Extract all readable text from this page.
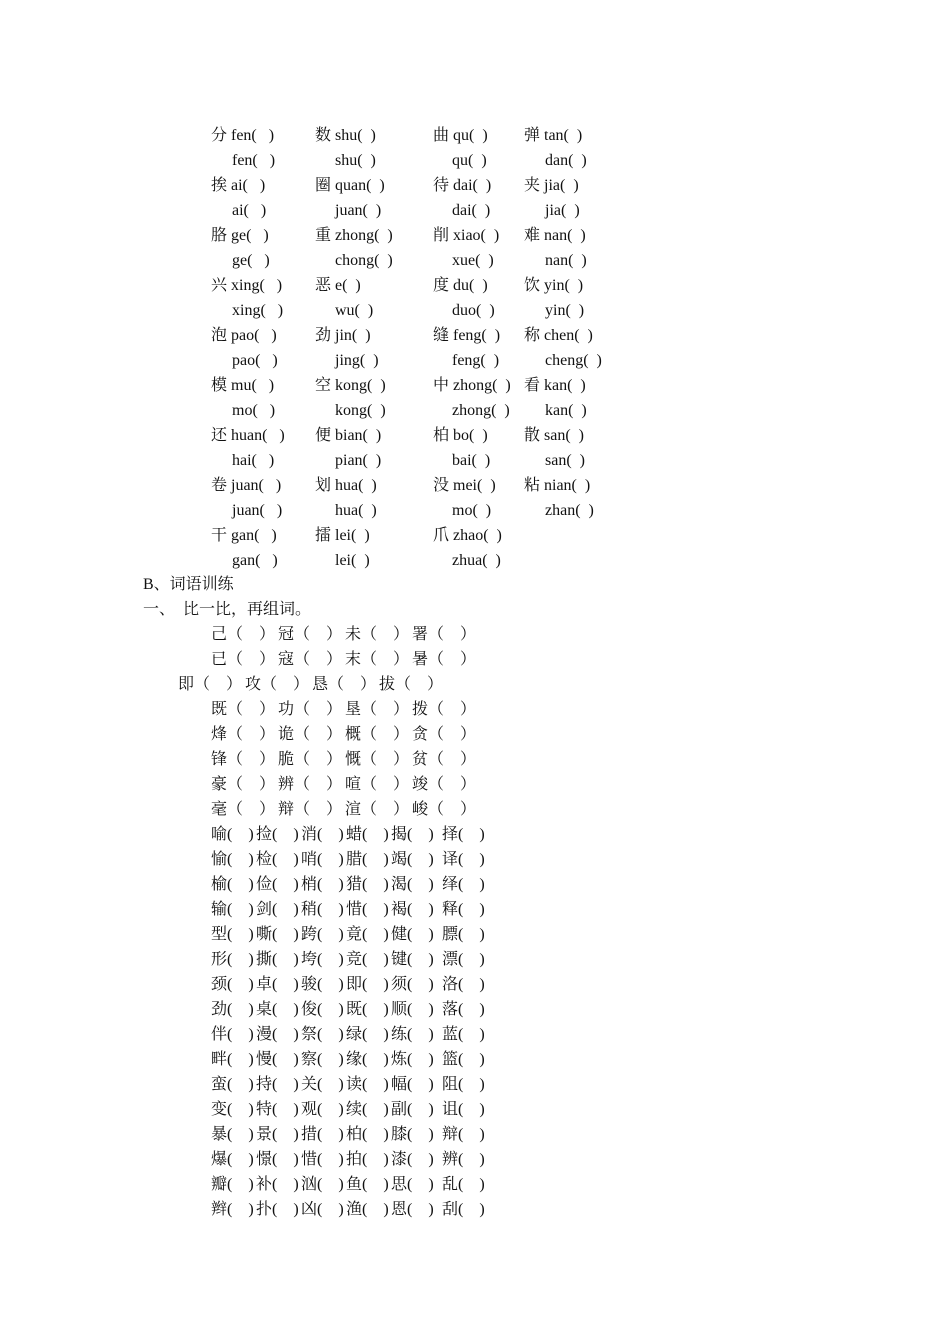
分 fen(   )	数 shu(  )	曲 qu(  ) 弹 tan(  )
fen(   )	shu(  )	qu(  )	dan(  )
挨 ai(   )	圈 quan(  )	待 dai(  ) 夹 jia(  )
ai(   )	juan(  )	dai(  )	jia(  )
胳 ge(   )	重 zhong(  )	削 xiao(  ) 难 nan(  )
ge(   )	chong(  )	xue(  )	nan(  )
兴 xing(   ) 恶 e(  )	度 du(  ) 饮 yin(  )
xing(   )	wu(  )	duo(  )	yin(  )
泡 pao(   ) 劲 jin(  )	缝 feng(  ) 称 chen(  )
pao(   )	jing(  )	feng(  )	cheng(  )
模 mu(   )	空 kong(  )	中 zhong(  ) 看 kan(  )
mo(   )	kong(  )	zhong(  ) kan(  )
还 huan(   ) 便 bian(  )	柏 bo(  ) 散 san(  )
hai(   )	pian(  )	bai(  )	san(  )
卷 juan(   ) 划 hua(  )	没 mei(  ) 粘 nian(  )
juan(   )	hua(  )	mo(  )	zhan(  )
干 gan(   ) 擂 lei(  )	爪 zhao(  )
gan(   )	lei(  )	zhua(  )
B、词语训练
一、  比一比，再组词。
己（    ） 冠（    ） 未（    ） 署（    ）
已（    ） 寇（    ） 末（    ） 暑（    ）
即（    ） 攻（    ） 恳（    ） 拔（    ）
既（    ） 功（    ） 垦（    ） 拨（    ）
烽（    ） 诡（    ） 概（    ） 贪（    ）
锋（    ） 脆（    ） 慨（    ） 贫（    ）
豪（    ） 辨（    ） 喧（    ） 竣（    ）
毫（    ） 辩（    ） 渲（    ） 峻（    ）
喻(    ) 捡(    ) 消(    ) 蜡(    ) 揭(    ) 择(    )
愉(    ) 检(    ) 哨(    ) 腊(    ) 竭(    ) 译(    )
榆(    ) 俭(    ) 梢(    ) 猎(    ) 渴(    ) 绎(    )
输(    ) 剑(    ) 稍(    ) 惜(    ) 褐(    ) 释(    )
型(    ) 嘶(    ) 跨(    ) 竟(    ) 健(    ) 膘(    )
形(    ) 撕(    ) 垮(    ) 竞(    ) 键(    ) 漂(    )
颈(    ) 卓(    ) 骏(    ) 即(    ) 须(    ) 洛(    )
劲(    ) 桌(    ) 俊(    ) 既(    ) 顺(    ) 落(    )
伴(    ) 漫(    ) 祭(    ) 绿(    ) 练(    ) 蓝(    )
畔(    ) 慢(    ) 察(    ) 缘(    ) 炼(    ) 篮(    )
蛮(    ) 持(    ) 关(    ) 读(    ) 幅(    ) 阻(    )
变(    ) 特(    ) 观(    ) 续(    ) 副(    ) 诅(    )
暴(    ) 景(    ) 措(    ) 柏(    ) 膝(    ) 辩(    )
爆(    ) 憬(    ) 惜(    ) 拍(    ) 漆(    ) 辨(    )
瓣(    ) 补(    ) 汹(    ) 鱼(    ) 思(    ) 乱(    )
辫(    ) 扑(    ) 凶(    ) 渔(    ) 恩(    ) 刮(    )
